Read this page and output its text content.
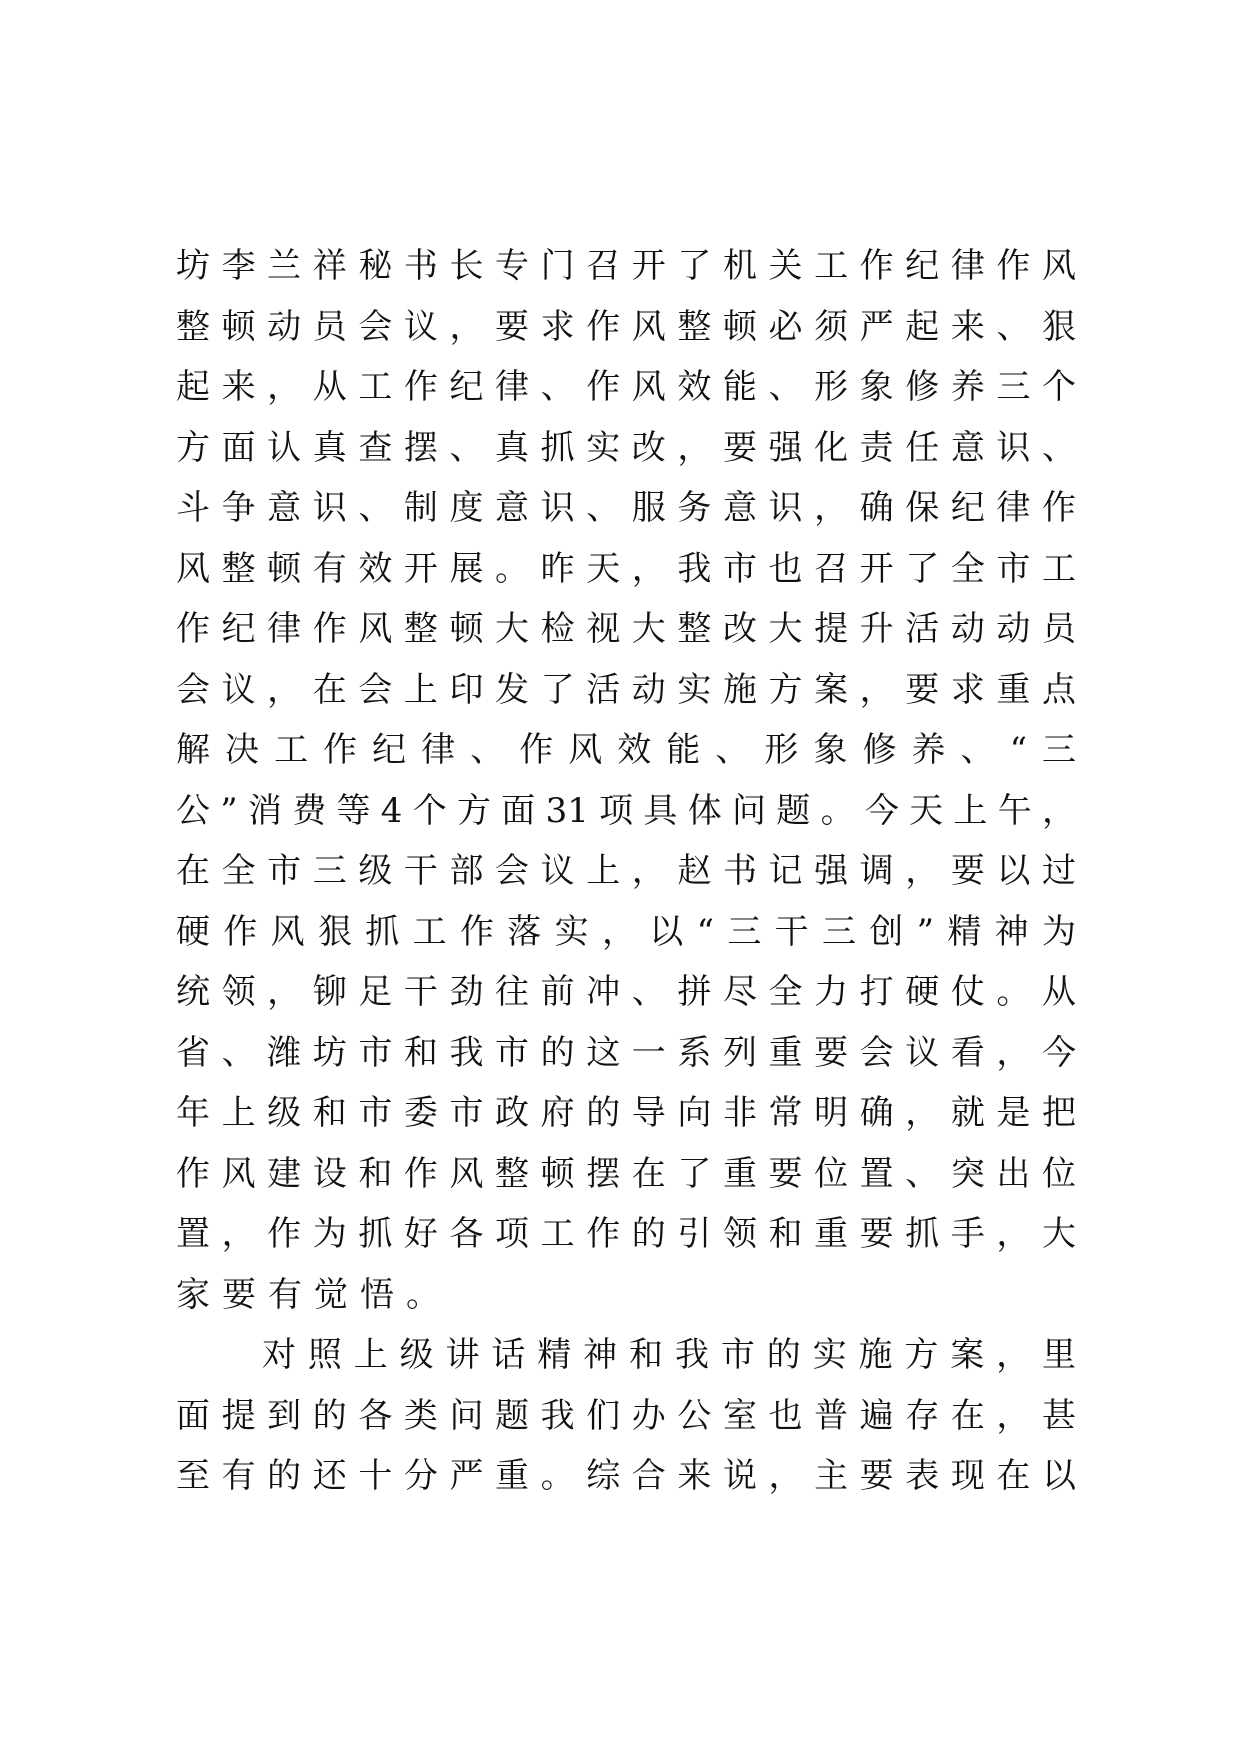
坊李兰祥秘书长专门召开了机关工作纪律作风
整顿动员会议，要求作风整顿必须严起来、狠
起来，从工作纪律、作风效能、形象修养三个
方面认真查摆、真抓实改，要强化责任意识、
斗争意识、制度意识、服务意识，确保纪律作
风整顿有效开展。昨天，我市也召开了全市工
作纪律作风整顿大检视大整改大提升活动动员
会议，在会上印发了活动实施方案，要求重点
解决工作纪律、作风效能、形象修养、“三
公”消费等4个方面31项具体问题。今天上午，
在全市三级干部会议上，赵书记强调，要以过
硬作风狠抓工作落实，以“三干三创”精神为
统领，铆足干劲往前冲、拼尽全力打硬仗。从
省、潍坊市和我市的这一系列重要会议看，今
年上级和市委市政府的导向非常明确，就是把
作风建设和作风整顿摆在了重要位置、突出位
置，作为抓好各项工作的引领和重要抓手，大
家要有觉悟。
对照上级讲话精神和我市的实施方案，里
面提到的各类问题我们办公室也普遍存在，甚
至有的还十分严重。综合来说，主要表现在以
